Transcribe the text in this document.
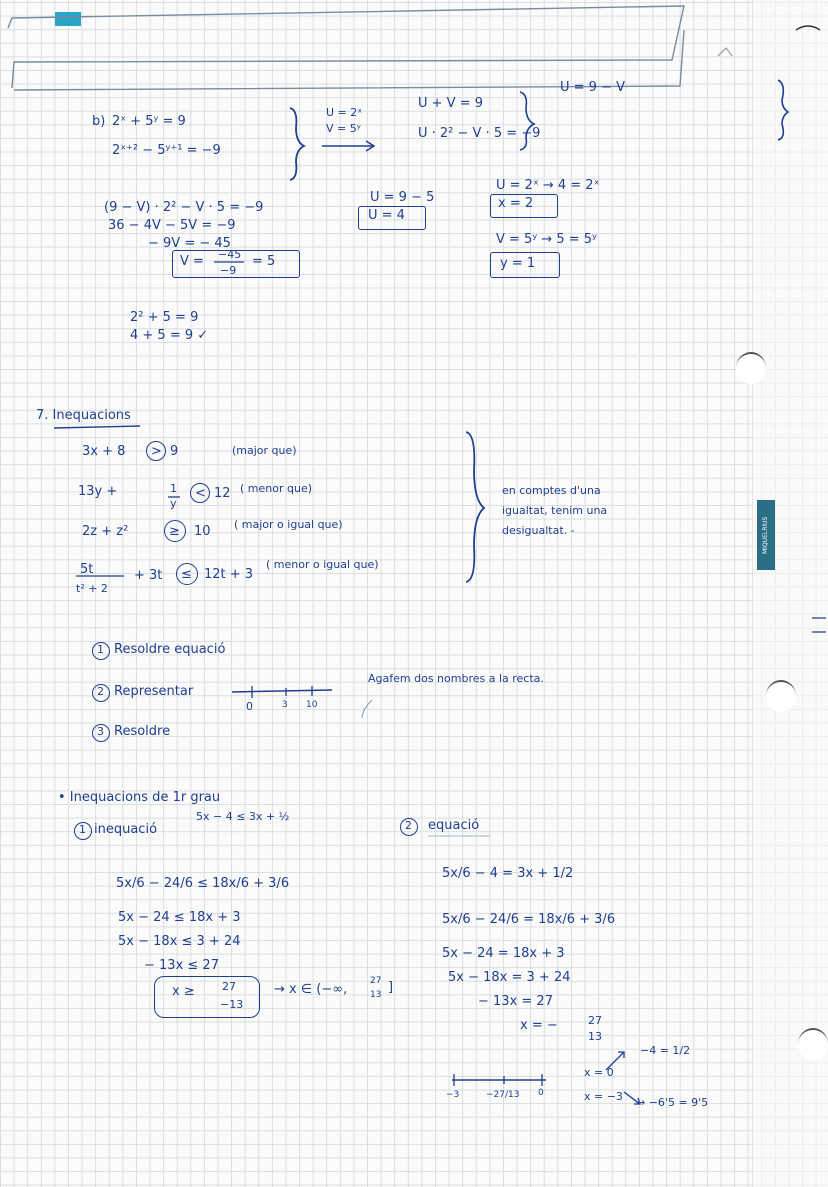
MIQUELRIUS
b) 2ˣ + 5ʸ = 9
2ˣ⁺² − 5ʸ⁺¹ = −9
U = 2ˣ
V = 5ʸ
U + V = 9
U · 2² − V · 5 = −9
U = 9 − V
(9 − V) · 2² − V · 5 = −9
36 − 4V − 5V = −9
− 9V = − 45
V = −45
−9
= 5
U = 9 − 5
U = 4
U = 2ˣ → 4 = 2ˣ
x = 2
V = 5ʸ → 5 = 5ʸ
y = 1
2² + 5 = 9
4 + 5 = 9 ✓
7. Inequacions
3x + 8 > 9	(major que)
13y +	1
y
< 12 ( menor que)
2z + z²	≥ 10 ( major o igual que)
5t
t² + 2
+ 3t ≤ 12t + 3
( menor o igual que)
en comptes d'una
igualtat, tenim una
desigualtat. -
1 Resoldre equació
2 Representar
3 Resoldre
0	3 10
Agafem dos nombres a la recta.
• Inequacions de 1r grau
5x − 4 ≤ 3x + ½
1 inequació	2 equació
5x/6 − 24/6 ≤ 18x/6 + 3/6
5x − 24 ≤ 18x + 3
5x − 18x ≤ 3 + 24
− 13x ≤ 27
x ≥ 27
−13
→ x ∈ (−∞,
27
13 ]
5x/6 − 4 = 3x + 1/2
5x/6 − 24/6 = 18x/6 + 3/6
5x − 24 = 18x + 3
5x − 18x = 3 + 24
− 13x = 27
x = −	27
13
−3	−27/13 0
x = 0
−4 = 1/2
x = −3 → −6'5 = 9'5
